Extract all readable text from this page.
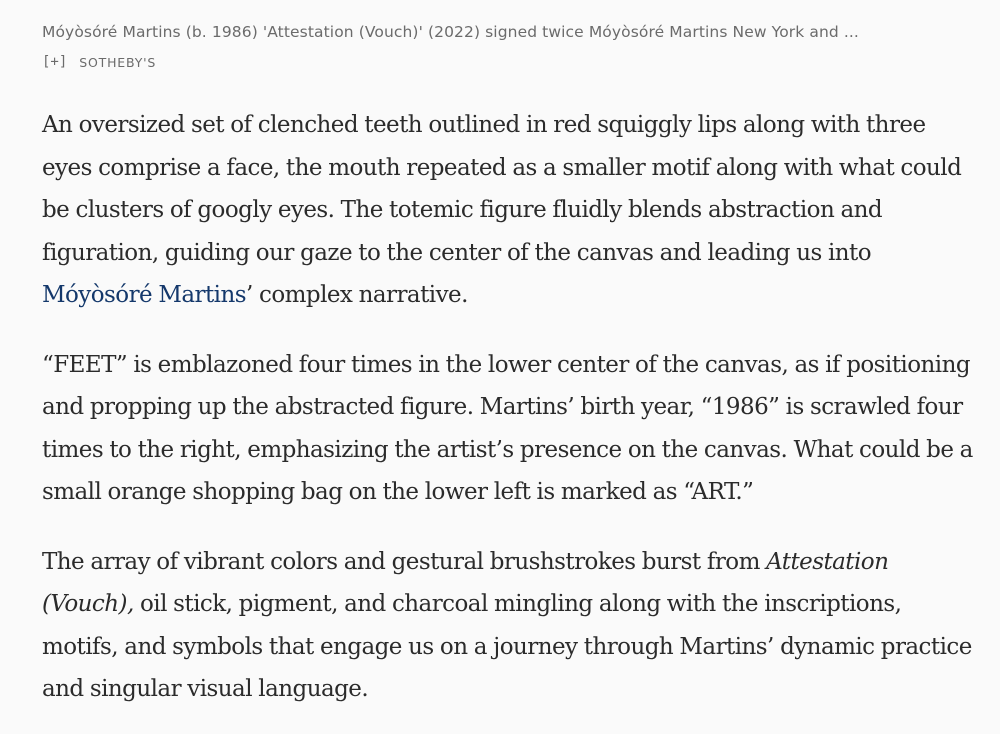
Móyòsóré Martins (b. 1986) 'Attestation (Vouch)' (2022) signed twice Móyòsóré Martins New York and ...
[+] SOTHEBY'S

An oversized set of clenched teeth outlined in red squiggly lips along with three eyes comprise a face, the mouth repeated as a smaller motif along with what could be clusters of googly eyes. The totemic figure fluidly blends abstraction and figuration, guiding our gaze to the center of the canvas and leading us into Móyòsóré Martins’ complex narrative.

“FEET” is emblazoned four times in the lower center of the canvas, as if positioning and propping up the abstracted figure. Martins’ birth year, “1986” is scrawled four times to the right, emphasizing the artist’s presence on the canvas. What could be a small orange shopping bag on the lower left is marked as “ART.”

The array of vibrant colors and gestural brushstrokes burst from Attestation (Vouch), oil stick, pigment, and charcoal mingling along with the inscriptions, motifs, and symbols that engage us on a journey through Martins’ dynamic practice and singular visual language.
